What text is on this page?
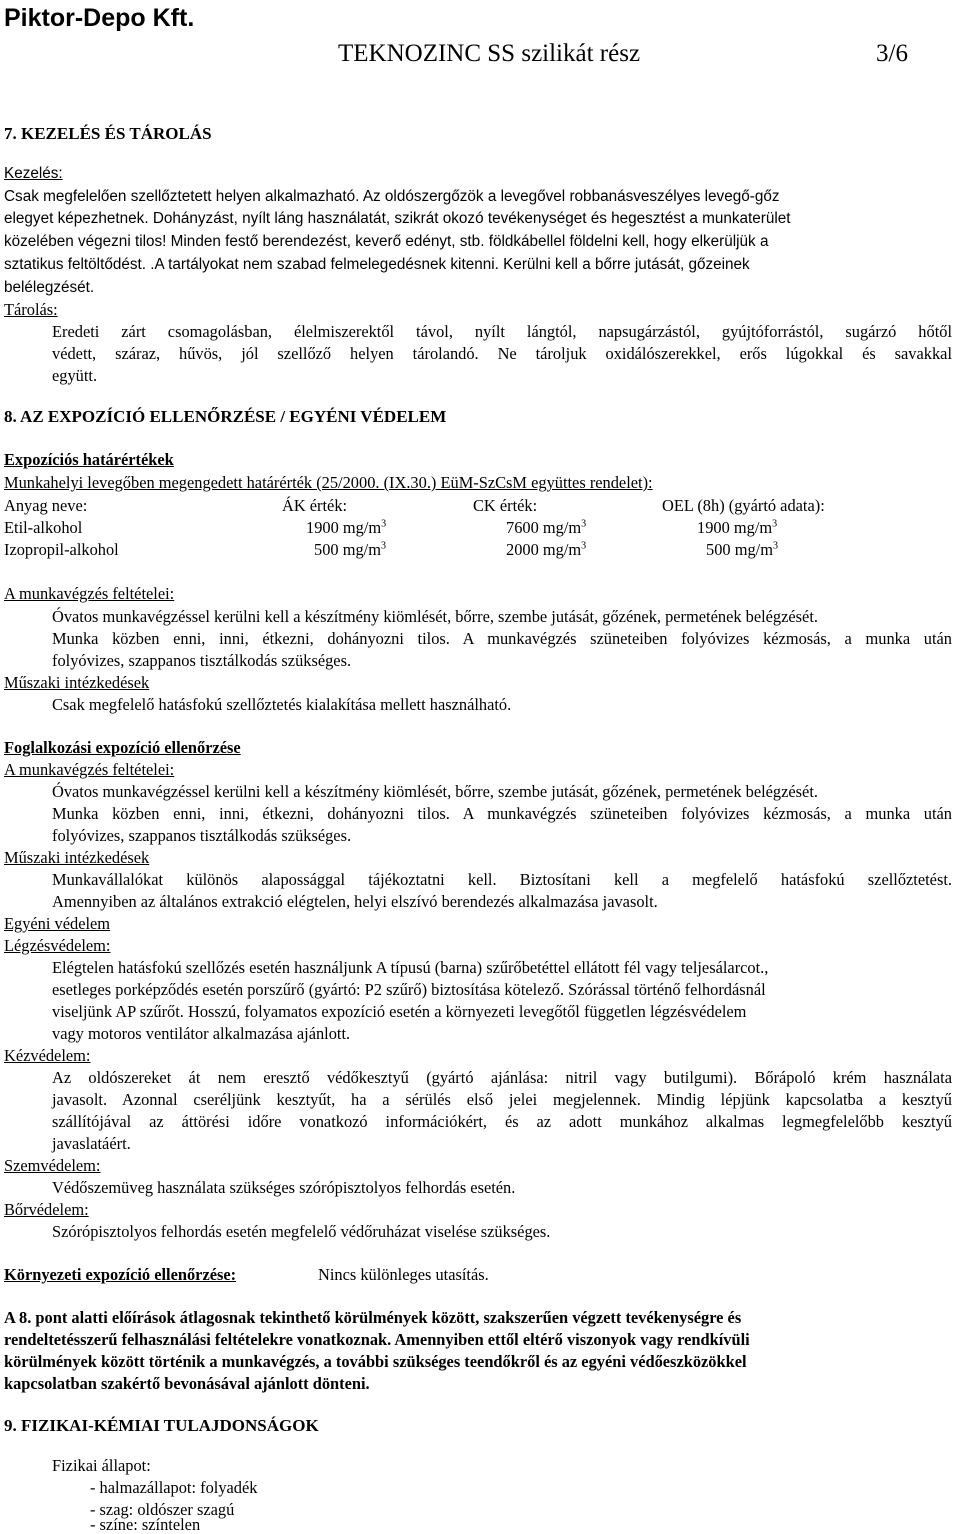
Piktor-Depo Kft.
TEKNOZINC SS szilikát rész	3/6
7. KEZELÉS ÉS TÁROLÁS
Kezelés:
Csak megfelelően szellőztetett helyen alkalmazható. Az oldószergőzök a levegővel robbanásveszélyes levegő-gőz
elegyet képezhetnek. Dohányzást, nyílt láng használatát, szikrát okozó tevékenységet és hegesztést a munkaterület
közelében végezni tilos! Minden festő berendezést, keverő edényt, stb. földkábellel földelni kell, hogy elkerüljük a
sztatikus feltöltődést. .A tartályokat nem szabad felmelegedésnek kitenni. Kerülni kell a bőrre jutását, gőzeinek
belélegzését.
Tárolás:
Eredeti zárt csomagolásban, élelmiszerektől távol, nyílt lángtól, napsugárzástól, gyújtóforrástól, sugárzó hőtől
védett, száraz, hűvös, jól szellőző helyen tárolandó. Ne tároljuk oxidálószerekkel, erős lúgokkal és savakkal
együtt.
8. AZ EXPOZÍCIÓ ELLENŐRZÉSE / EGYÉNI VÉDELEM
Expozíciós határértékek
Munkahelyi levegőben megengedett határérték (25/2000. (IX.30.) EüM-SzCsM együttes rendelet):
Anyag neve:	ÁK érték:	CK érték:	OEL (8h) (gyártó adata):
Etil-alkohol	1900 $mg/m^3$	7600 $mg/m^3$	1900 $mg/m^3$
Izopropil-alkohol	500 $mg/m^3$	2000 $mg/m^3$	500 $mg/m^3$
A munkavégzés feltételei:
Óvatos munkavégzéssel kerülni kell a készítmény kiömlését, bőrre, szembe jutását, gőzének, permetének belégzését.
Munka közben enni, inni, étkezni, dohányozni tilos. A munkavégzés szüneteiben folyóvizes kézmosás, a munka után
folyóvizes, szappanos tisztálkodás szükséges.
Műszaki intézkedések
Csak megfelelő hatásfokú szellőztetés kialakítása mellett használható.
Foglalkozási expozíció ellenőrzése
A munkavégzés feltételei:
Óvatos munkavégzéssel kerülni kell a készítmény kiömlését, bőrre, szembe jutását, gőzének, permetének belégzését.
Munka közben enni, inni, étkezni, dohányozni tilos. A munkavégzés szüneteiben folyóvizes kézmosás, a munka után
folyóvizes, szappanos tisztálkodás szükséges.
Műszaki intézkedések
Munkavállalókat különös alapossággal tájékoztatni kell. Biztosítani kell a megfelelő hatásfokú szellőztetést.
Amennyiben az általános extrakció elégtelen, helyi elszívó berendezés alkalmazása javasolt.
Egyéni védelem
Légzésvédelem:
Elégtelen hatásfokú szellőzés esetén használjunk A típusú (barna) szűrőbetéttel ellátott fél vagy teljesálarcot.,
esetleges porképződés esetén porszűrő (gyártó: P2 szűrő) biztosítása kötelező. Szórással történő felhordásnál
viseljünk AP szűrőt. Hosszú, folyamatos expozíció esetén a környezeti levegőtől független légzésvédelem
vagy motoros ventilátor alkalmazása ajánlott.
Kézvédelem:
Az oldószereket át nem eresztő védőkesztyű (gyártó ajánlása: nitril vagy butilgumi). Bőrápoló krém használata
javasolt. Azonnal cseréljünk kesztyűt, ha a sérülés első jelei megjelennek. Mindig lépjünk kapcsolatba a kesztyű
szállítójával az áttörési időre vonatkozó információkért, és az adott munkához alkalmas legmegfelelőbb kesztyű
javaslatáért.
Szemvédelem:
Védőszemüveg használata szükséges szórópisztolyos felhordás esetén.
Bőrvédelem:
Szórópisztolyos felhordás esetén megfelelő védőruházat viselése szükséges.
Környezeti expozíció ellenőrzése:	Nincs különleges utasítás.
A 8. pont alatti előírások átlagosnak tekinthető körülmények között, szakszerűen végzett tevékenységre és
rendeltetésszerű felhasználási feltételekre vonatkoznak. Amennyiben ettől eltérő viszonyok vagy rendkívüli
körülmények között történik a munkavégzés, a további szükséges teendőkről és az egyéni védőeszközökkel
kapcsolatban szakértő bevonásával ajánlott dönteni.
9. FIZIKAI-KÉMIAI TULAJDONSÁGOK
Fizikai állapot:
- halmazállapot: folyadék
- szag: oldószer szagú
- színe: színtelen
